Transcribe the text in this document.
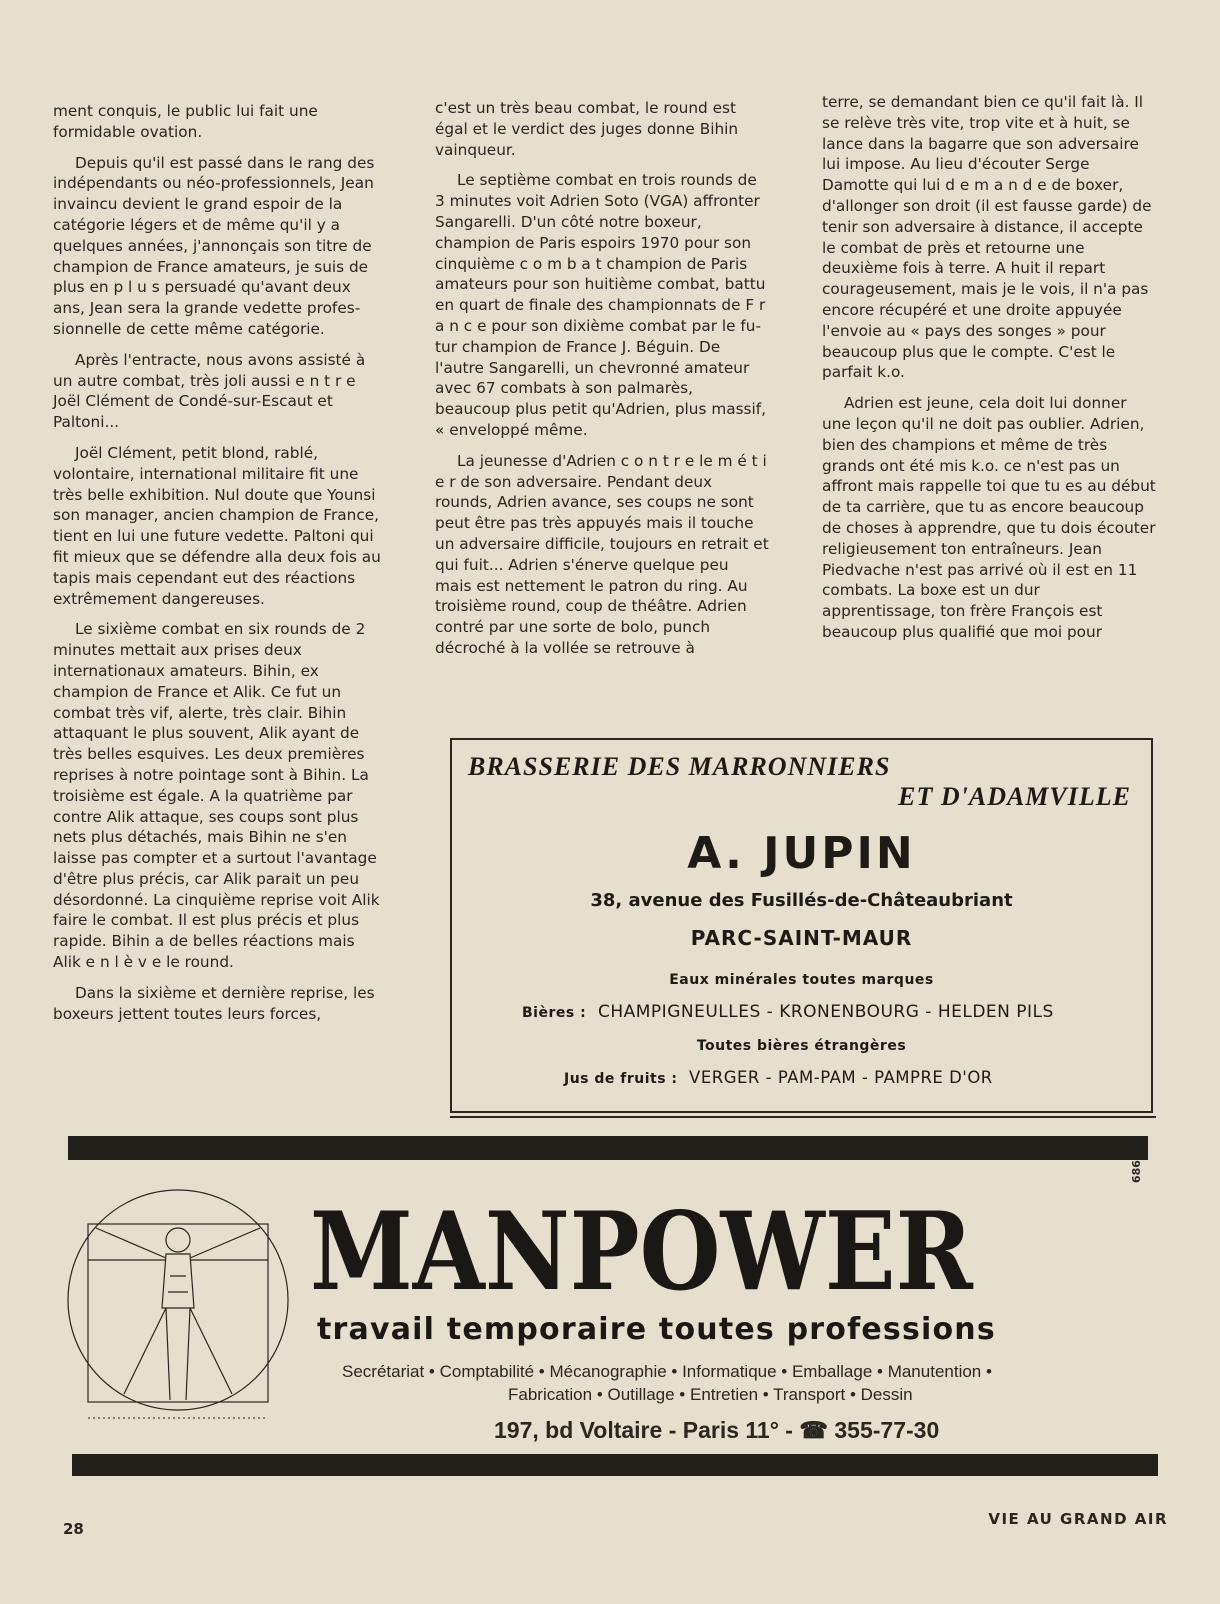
ment conquis, le public lui fait une formidable ovation.

Depuis qu'il est passé dans le rang des indépendants ou néo-professionnels, Jean invaincu devient le grand espoir de la catégorie légers et de même qu'il y a quelques années, j'annonçais son titre de champion de France amateurs, je suis de plus en p l u s persuadé qu'avant deux ans, Jean sera la grande vedette professionnelle de cette même catégorie.

Après l'entracte, nous avons assisté à un autre combat, très joli aussi e n t r e Joël Clément de Condé-sur-Escaut et Paltoni...

Joël Clément, petit blond, rablé, volontaire, international militaire fit une très belle exhibition. Nul doute que Younsi son manager, ancien champion de France, tient en lui une future vedette. Paltoni qui fit mieux que se défendre alla deux fois au tapis mais cependant eut des réactions extrêmement dangereuses.

Le sixième combat en six rounds de 2 minutes mettait aux prises deux internationaux amateurs. Bihin, ex champion de France et Alik. Ce fut un combat très vif, alerte, très clair. Bihin attaquant le plus souvent, Alik ayant de très belles esquives. Les deux premières reprises à notre pointage sont à Bihin. La troisième est égale. A la quatrième par contre Alik attaque, ses coups sont plus nets plus détachés, mais Bihin ne s'en laisse pas compter et a surtout l'avantage d'être plus précis, car Alik parait un peu désordonné. La cinquième reprise voit Alik faire le combat. Il est plus précis et plus rapide. Bihin a de belles réactions mais Alik e n l è v e le round.

Dans la sixième et dernière reprise, les boxeurs jettent toutes leurs forces,

c'est un très beau combat, le round est égal et le verdict des juges donne Bihin vainqueur.

Le septième combat en trois rounds de 3 minutes voit Adrien Soto (VGA) affronter Sangarelli. D'un côté notre boxeur, champion de Paris espoirs 1970 pour son cinquième c o m b a t champion de Paris amateurs pour son huitième combat, battu en quart de finale des championnats de F r a n c e pour son dixième combat par le futur champion de France J. Béguin. De l'autre Sangarelli, un chevronné amateur avec 67 combats à son palmarès, beaucoup plus petit qu'Adrien, plus massif, « enveloppé même.

La jeunesse d'Adrien c o n t r e le m é t i e r de son adversaire. Pendant deux rounds, Adrien avance, ses coups ne sont peut être pas très appuyés mais il touche un adversaire difficile, toujours en retrait et qui fuit... Adrien s'énerve quelque peu mais est nettement le patron du ring. Au troisième round, coup de théâtre. Adrien contré par une sorte de bolo, punch décroché à la vollée se retrouve à

terre, se demandant bien ce qu'il fait là. Il se relève très vite, trop vite et à huit, se lance dans la bagarre que son adversaire lui impose. Au lieu d'écouter Serge Damotte qui lui d e m a n d e de boxer, d'allonger son droit (il est fausse garde) de tenir son adversaire à distance, il accepte le combat de près et retourne une deuxième fois à terre. A huit il repart courageusement, mais je le vois, il n'a pas encore récupéré et une droite appuyée l'envoie au « pays des songes » pour beaucoup plus que le compte. C'est le parfait k.o.

Adrien est jeune, cela doit lui donner une leçon qu'il ne doit pas oublier. Adrien, bien des champions et même de très grands ont été mis k.o. ce n'est pas un affront mais rappelle toi que tu es au début de ta carrière, que tu as encore beaucoup de choses à apprendre, que tu dois écouter religieusement ton entraîneurs. Jean Piedvache n'est pas arrivé où il est en 11 combats. La boxe est un dur apprentissage, ton frère François est beaucoup plus qualifié que moi pour

BRASSERIE DES MARRONNIERS
ET D'ADAMVILLE
A. JUPIN
38, avenue des Fusillés-de-Châteaubriant
PARC-SAINT-MAUR
Eaux minérales toutes marques
Bières : CHAMPIGNEULLES - KRONENBOURG - HELDEN PILS
Toutes bières étrangères
Jus de fruits : VERGER - PAM-PAM - PAMPRE D'OR
686
MANPOWER
travail temporaire toutes professions
Secrétariat • Comptabilité • Mécanographie • Informatique • Emballage • Manutention •
Fabrication • Outillage • Entretien • Transport • Dessin
197, bd Voltaire - Paris 11° - ☎ 355-77-30
28
VIE AU GRAND AIR
